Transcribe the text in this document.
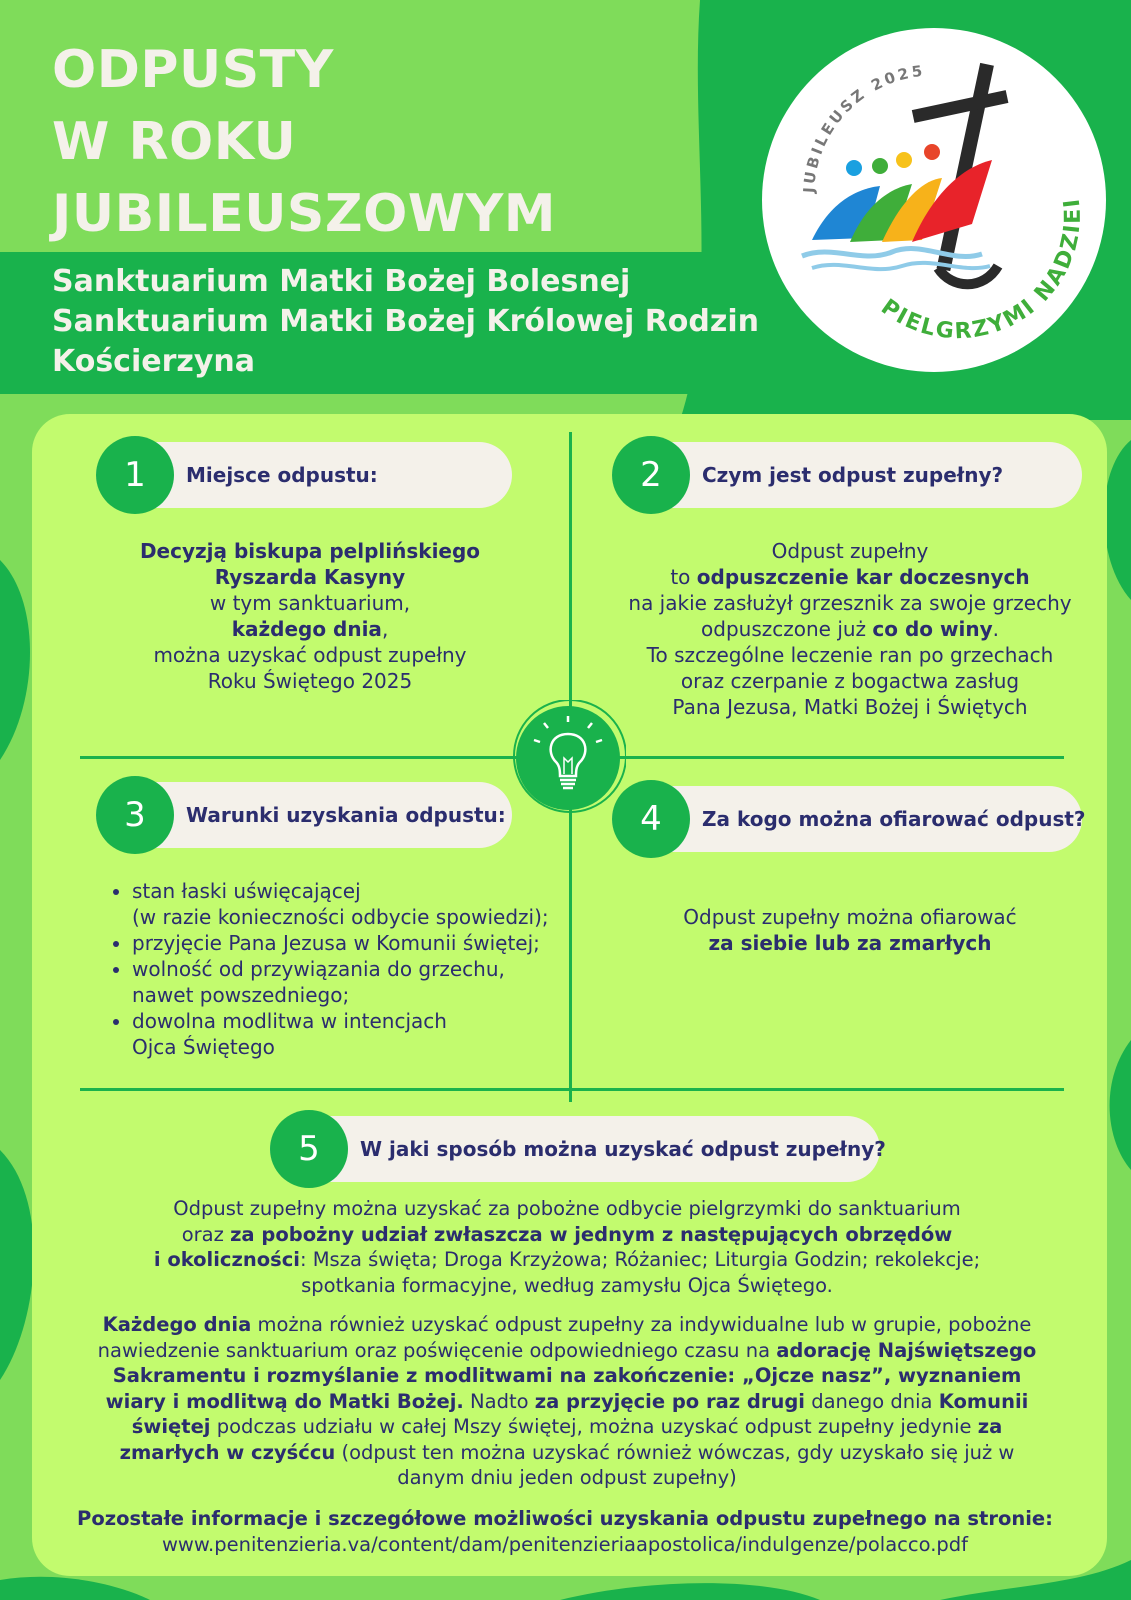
ODPUSTY
W ROKU
JUBILEUSZOWYM
Sanktuarium Matki Bożej Bolesnej
Sanktuarium Matki Bożej Królowej Rodzin
Kościerzyna
JUBILEUSZ 2025
PIELGRZYMI NADZIEI
1	Miejsce odpustu:

Decyzją biskupa pelplińskiego

Ryszarda Kasyny

w tym sanktuarium,

każdego dnia,

można uzyskać odpust zupełny

Roku Świętego 2025

2	Czym jest odpust zupełny?

Odpust zupełny

to odpuszczenie kar doczesnych

na jakie zasłużył grzesznik za swoje grzechy

odpuszczone już co do winy.

To szczególne leczenie ran po grzechach

oraz czerpanie z bogactwa zasług

Pana Jezusa, Matki Bożej i Świętych

3	Warunki uzyskania odpustu:
• stan łaski uświęcającej
(w razie konieczności odbycie spowiedzi);
• przyjęcie Pana Jezusa w Komunii świętej;
• wolność od przywiązania do grzechu,
nawet powszedniego;
• dowolna modlitwa w intencjach
Ojca Świętego
4	Za kogo można ofiarować odpust?

Odpust zupełny można ofiarować

za siebie lub za zmarłych

5	W jaki sposób można uzyskać odpust zupełny?

Odpust zupełny można uzyskać za pobożne odbycie pielgrzymki do sanktuarium

oraz za pobożny udział zwłaszcza w jednym z następujących obrzędów

i okoliczności: Msza święta; Droga Krzyżowa; Różaniec; Liturgia Godzin; rekolekcje;

spotkania formacyjne, według zamysłu Ojca Świętego.

Każdego dnia można również uzyskać odpust zupełny za indywidualne lub w grupie, pobożne nawiedzenie sanktuarium oraz poświęcenie odpowiedniego czasu na adorację Najświętszego Sakramentu i rozmyślanie z modlitwami na zakończenie: „Ojcze nasz”, wyznaniem wiary i modlitwą do Matki Bożej. Nadto za przyjęcie po raz drugi danego dnia Komunii świętej podczas udziału w całej Mszy świętej, można uzyskać odpust zupełny jedynie za zmarłych w czyśćcu (odpust ten można uzyskać również wówczas, gdy uzyskało się już w danym dniu jeden odpust zupełny)

Pozostałe informacje i szczegółowe możliwości uzyskania odpustu zupełnego na stronie:

www.penitenzieria.va/content/dam/penitenzieriaapostolica/indulgenze/polacco.pdf
